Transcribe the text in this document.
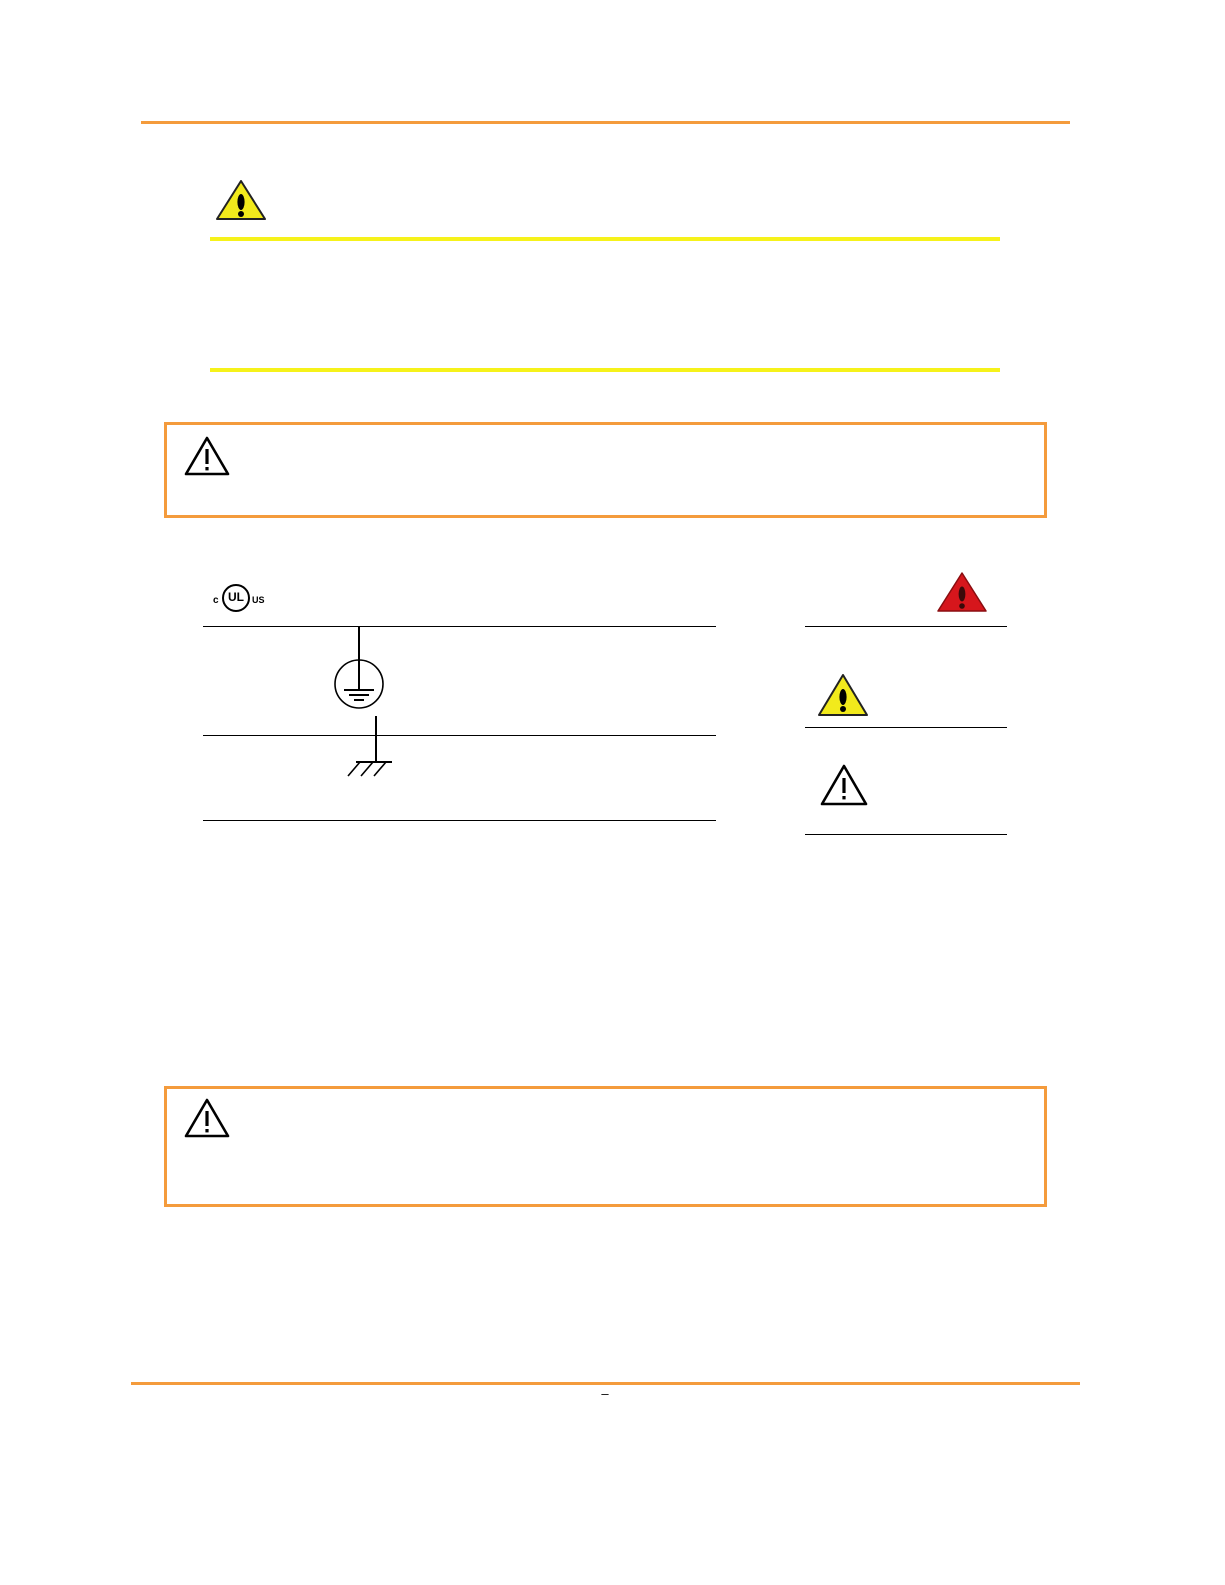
c UL US
–
